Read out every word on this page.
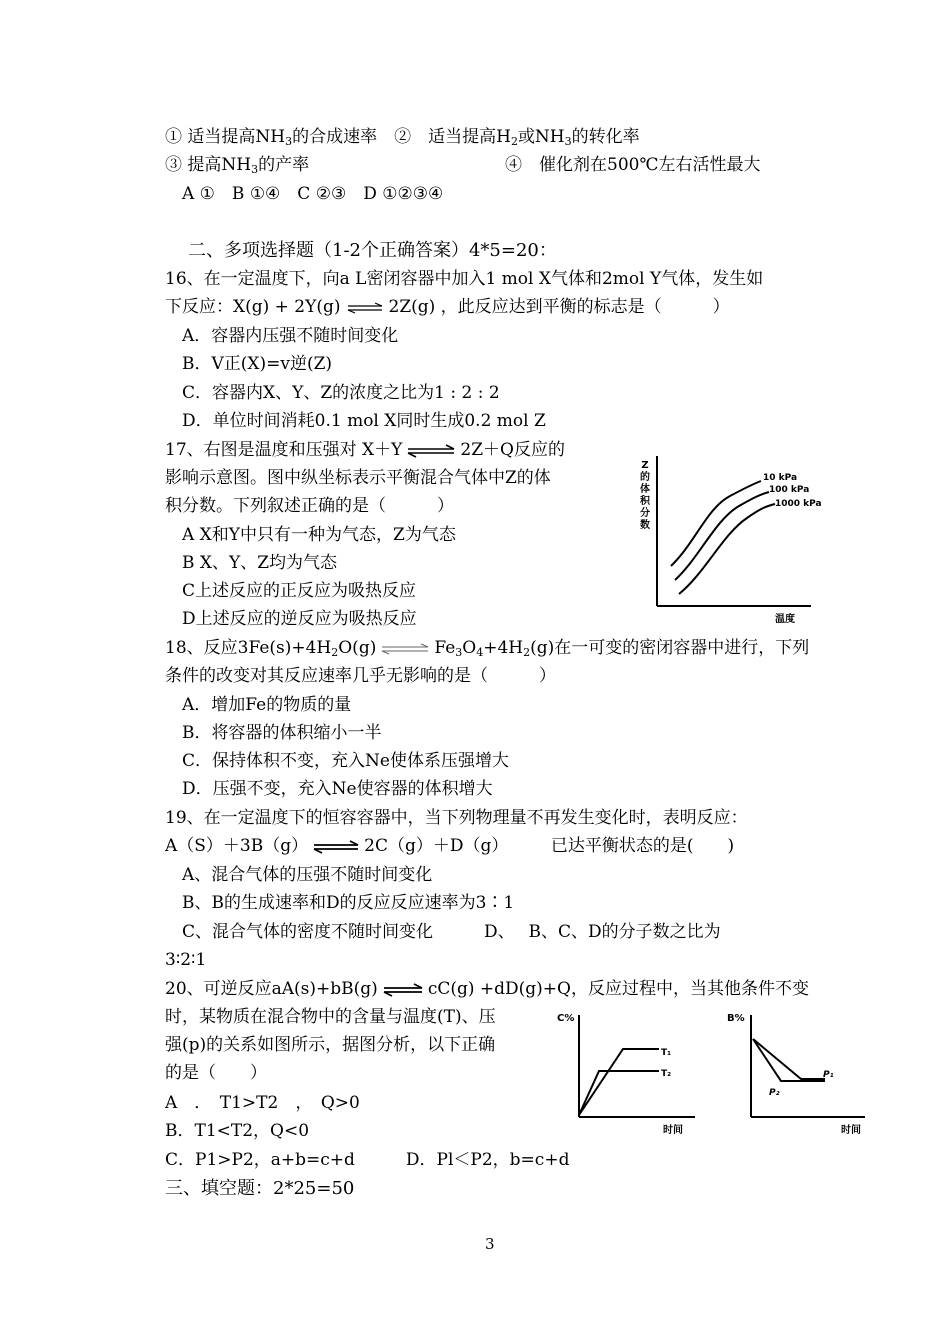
① 适当提高$NH_3$的合成速率　②　适当提高$H_2$或$NH_3$的转化率
③ 提高$NH_3$的产率	④　催化剂在500℃左右活性最大
A ①　B ①④　C ②③　D ①②③④
二、多项选择题（1-2个正确答案）4*5=20：
16、在一定温度下，向a L密闭容器中加入1 mol X气体和2mol Y气体，发生如
下反应：X(g) + 2Y(g) ⇌ 2Z(g) ，此反应达到平衡的标志是（　　　）
A．容器内压强不随时间变化
B．V正(X)=v逆(Z)
C．容器内X、Y、Z的浓度之比为1 : 2 : 2
D．单位时间消耗0.1 mol X同时生成0.2 mol Z
17、右图是温度和压强对 X＋Y ⇌ 2Z＋Q反应的
影响示意图。图中纵坐标表示平衡混合气体中Z的体
积分数。下列叙述正确的是（　　　）
A X和Y中只有一种为气态，Z为气态
B X、Y、Z均为气态
C上述反应的正反应为吸热反应
D上述反应的逆反应为吸热反应
Z
的
体
积
分
数
温度
10 kPa
100 kPa
1000 kPa
18、反应$3Fe(s)+4H_2O(g)$ ⇌ $Fe_3O_4+4H_2(g)$在一可变的密闭容器中进行，下列
条件的改变对其反应速率几乎无影响的是（　　　）
A．增加Fe的物质的量
B．将容器的体积缩小一半
C．保持体积不变，充入Ne使体系压强增大
D．压强不变，充入Ne使容器的体积增大
19、在一定温度下的恒容容器中，当下列物理量不再发生变化时，表明反应：
A（S）＋3B（g） ⇌ 2C（g）＋D（g）　　　已达平衡状态的是(　　)
A、混合气体的压强不随时间变化
B、B的生成速率和D的反应反应速率为3∶1
C、混合气体的密度不随时间变化　　　D、　 B、C、D的分子数之比为
3∶2∶1
20、可逆反应aA(s)+bB(g) ⇌ cC(g) +dD(g)+Q，反应过程中，当其他条件不变
时，某物质在混合物中的含量与温度(T)、压
强(p)的关系如图所示，据图分析，以下正确
的是（　　）
A　．　T1>T2　，　Q>0
B．T1<T2，Q<0
C．P1>P2，a+b=c+d　　　D．Pl＜P2，b=c+d
C%
时间
T₁
T₂
B%
时间
P₁
P₂
三、填空题：2*25=50
3
